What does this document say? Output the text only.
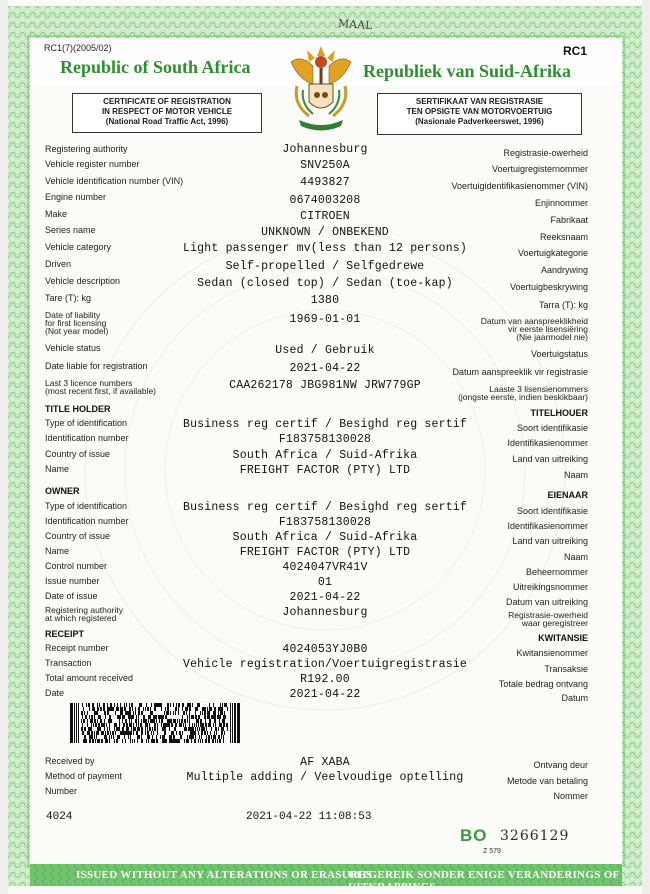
MAAL
RC1(7)(2005/02)	RC1
Republic of South Africa	Republiek van Suid-Afrika
CERTIFICATE OF REGISTRATION
IN RESPECT OF MOTOR VEHICLE
(National Road Traffic Act, 1996)
SERTIFIKAAT VAN REGISTRASIE
TEN OPSIGTE VAN MOTORVOERTUIG
(Nasionale Padverkeerswet, 1996)
Registering authority	Johannesburg	Registrasie-owerheid
Vehicle register number	SNV250A	Voertuigregisternommer
Vehicle identification number (VIN)	4493827	Voertuigidentifikasienommer (VIN)
Engine number	0674003208	Enjinnommer
Make	CITROEN	Fabrikaat
Series name	UNKNOWN / ONBEKEND	Reeksnaam
Vehicle category	Light passenger mv(less than 12 persons)	Voertuigkategorie
Driven	Self-propelled / Selfgedrewe	Aandrywing
Vehicle description	Sedan (closed top) / Sedan (toe-kap)	Voertuigbeskrywing
Tare (T): kg	1380	Tarra (T): kg
Date of liability
for first licensing
(Not year model)
1969-01-01	Datum van aanspreeklikheid
vir eerste lisensiëring
(Nie jaarmodel nie)
Vehicle status	Used / Gebruik	Voertuigstatus
Date liable for registration	2021-04-22	Datum aanspreeklik vir registrasie
Last 3 licence numbers
(most recent first, if available)	CAA262178 JBG981NW JRW779GP	Laaste 3 lisensienommers
(jongste eerste, indien beskikbaar)
TITLE HOLDER	TITELHOUER
Type of identification	Business reg certif / Besighd reg sertif	Soort identifikasie
Identification number	F183758130028	Identifikasienommer
Country of issue	South Africa / Suid-Afrika	Land van uitreiking
Name	FREIGHT FACTOR (PTY) LTD	Naam
OWNER	EIENAAR
Type of identification	Business reg certif / Besighd reg sertif	Soort identifikasie
Identification number	F183758130028	Identifikasienommer
Country of issue	South Africa / Suid-Afrika	Land van uitreiking
Name	FREIGHT FACTOR (PTY) LTD	Naam
Control number	4024047VR41V	Beheernommer
Issue number	01	Uitreikingsnommer
Date of issue	2021-04-22	Datum van uitreiking
Registering authority
at which registered	Johannesburg	Registrasie-owerheid
waar geregistreer
RECEIPT	KWITANSIE
Receipt number	4024053YJ0B0	Kwitansienommer
Transaction	Vehicle registration/Voertuigregistrasie	Transaksie
Total amount received	R192.00	Totale bedrag ontvang
Date	2021-04-22	Datum
Received by	AF XABA	Ontvang deur
Method of payment	Multiple adding / Veelvoudige optelling	Metode van betaling
Number	Nommer
4024	2021-04-22 11:08:53
BO 3266129
Z 579
ISSUED WITHOUT ANY ALTERATIONS OR ERASURES
UITGEREIK SONDER ENIGE VERANDERINGS OF UITKRAPPINGS
